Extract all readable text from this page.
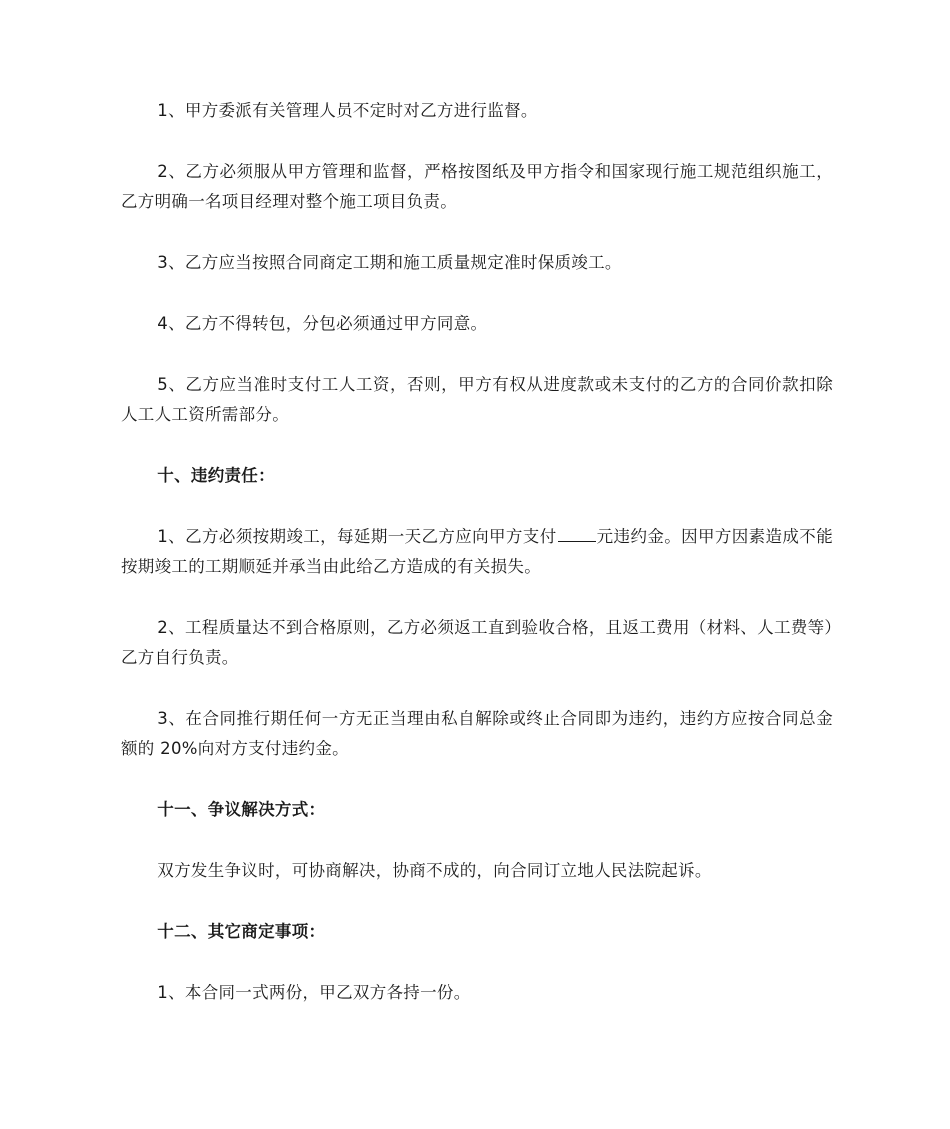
1、甲方委派有关管理人员不定时对乙方进行监督。

2、乙方必须服从甲方管理和监督，严格按图纸及甲方指令和国家现行施工规范组织施工，乙方明确一名项目经理对整个施工项目负责。

3、乙方应当按照合同商定工期和施工质量规定准时保质竣工。

4、乙方不得转包，分包必须通过甲方同意。

5、乙方应当准时支付工人工资，否则，甲方有权从进度款或未支付的乙方的合同价款扣除人工人工资所需部分。

十、违约责任：

1、乙方必须按期竣工，每延期一天乙方应向甲方支付 元违约金。因甲方因素造成不能按期竣工的工期顺延并承当由此给乙方造成的有关损失。

2、工程质量达不到合格原则，乙方必须返工直到验收合格，且返工费用（材料、人工费等）乙方自行负责。

3、在合同推行期任何一方无正当理由私自解除或终止合同即为违约，违约方应按合同总金额的 20%向对方支付违约金。

十一、争议解决方式：

双方发生争议时，可协商解决，协商不成的，向合同订立地人民法院起诉。

十二、其它商定事项：

1、本合同一式两份，甲乙双方各持一份。
